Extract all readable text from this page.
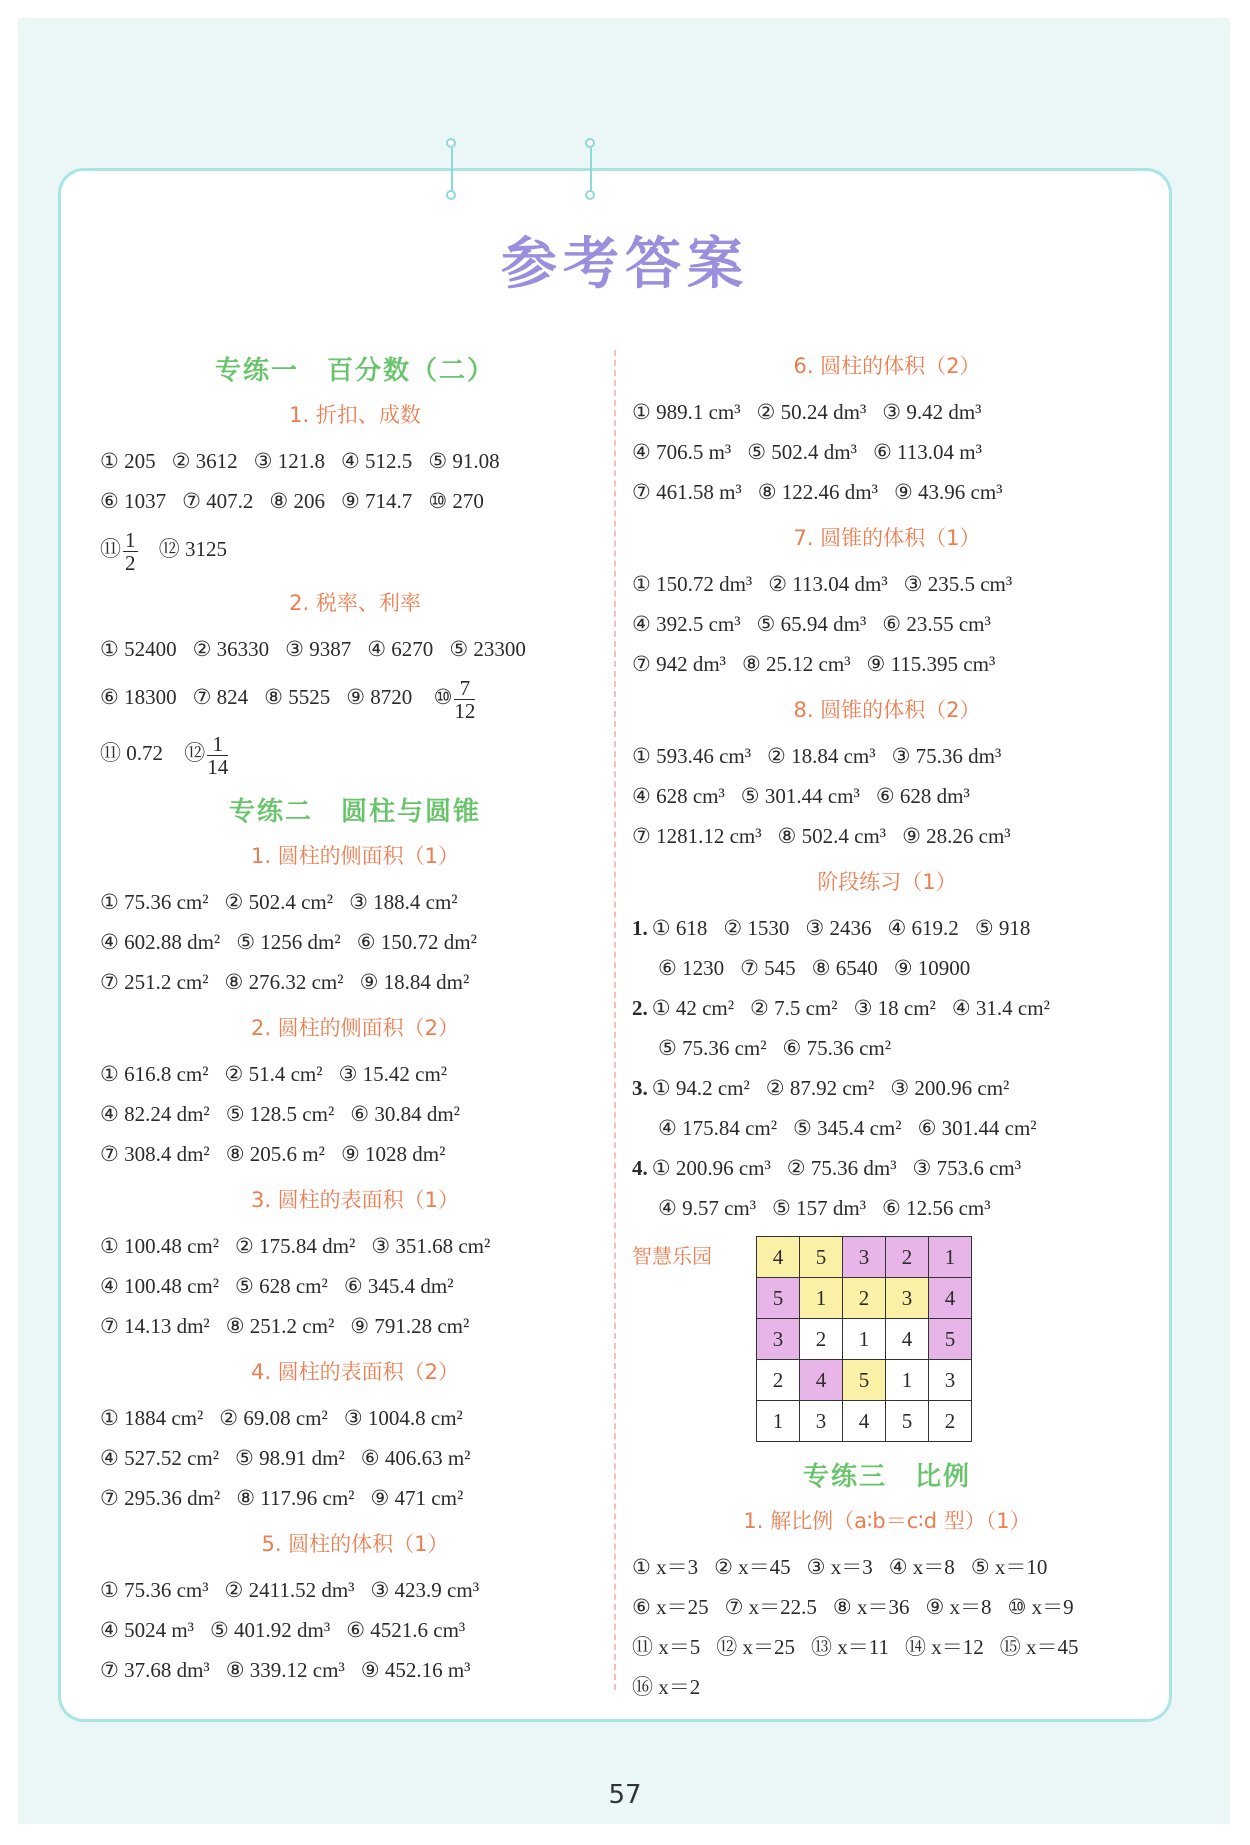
参考答案
专练一　百分数（二）
1. 折扣、成数
① 205 ② 3612 ③ 121.8 ④ 512.5 ⑤ 91.08
⑥ 1037 ⑦ 407.2 ⑧ 206 ⑨ 714.7 ⑩ 270
⑪ $\frac{1}{2}$ ⑫ 3125
2. 税率、利率
① 52400 ② 36330 ③ 9387 ④ 6270 ⑤ 23300
⑥ 18300 ⑦ 824 ⑧ 5525 ⑨ 8720 ⑩ $\frac{7}{12}$
⑪ 0.72 ⑫ $\frac{1}{14}$
专练二　圆柱与圆锥
1. 圆柱的侧面积（1）
① 75.36 cm² ② 502.4 cm² ③ 188.4 cm²
④ 602.88 dm² ⑤ 1256 dm² ⑥ 150.72 dm²
⑦ 251.2 cm² ⑧ 276.32 cm² ⑨ 18.84 dm²
2. 圆柱的侧面积（2）
① 616.8 cm² ② 51.4 cm² ③ 15.42 cm²
④ 82.24 dm² ⑤ 128.5 cm² ⑥ 30.84 dm²
⑦ 308.4 dm² ⑧ 205.6 m² ⑨ 1028 dm²
3. 圆柱的表面积（1）
① 100.48 cm² ② 175.84 dm² ③ 351.68 cm²
④ 100.48 cm² ⑤ 628 cm² ⑥ 345.4 dm²
⑦ 14.13 dm² ⑧ 251.2 cm² ⑨ 791.28 cm²
4. 圆柱的表面积（2）
① 1884 cm² ② 69.08 cm² ③ 1004.8 cm²
④ 527.52 cm² ⑤ 98.91 dm² ⑥ 406.63 m²
⑦ 295.36 dm² ⑧ 117.96 cm² ⑨ 471 cm²
5. 圆柱的体积（1）
① 75.36 cm³ ② 2411.52 dm³ ③ 423.9 cm³
④ 5024 m³ ⑤ 401.92 dm³ ⑥ 4521.6 cm³
⑦ 37.68 dm³ ⑧ 339.12 cm³ ⑨ 452.16 m³
6. 圆柱的体积（2）
① 989.1 cm³ ② 50.24 dm³ ③ 9.42 dm³
④ 706.5 m³ ⑤ 502.4 dm³ ⑥ 113.04 m³
⑦ 461.58 m³ ⑧ 122.46 dm³ ⑨ 43.96 cm³
7. 圆锥的体积（1）
① 150.72 dm³ ② 113.04 dm³ ③ 235.5 cm³
④ 392.5 cm³ ⑤ 65.94 dm³ ⑥ 23.55 cm³
⑦ 942 dm³ ⑧ 25.12 cm³ ⑨ 115.395 cm³
8. 圆锥的体积（2）
① 593.46 cm³ ② 18.84 cm³ ③ 75.36 dm³
④ 628 cm³ ⑤ 301.44 cm³ ⑥ 628 dm³
⑦ 1281.12 cm³ ⑧ 502.4 cm³ ⑨ 28.26 cm³
阶段练习（1）
1. ① 618 ② 1530 ③ 2436 ④ 619.2 ⑤ 918
⑥ 1230 ⑦ 545 ⑧ 6540 ⑨ 10900
2. ① 42 cm² ② 7.5 cm² ③ 18 cm² ④ 31.4 cm²
⑤ 75.36 cm² ⑥ 75.36 cm²
3. ① 94.2 cm² ② 87.92 cm² ③ 200.96 cm²
④ 175.84 cm² ⑤ 345.4 cm² ⑥ 301.44 cm²
4. ① 200.96 cm³ ② 75.36 dm³ ③ 753.6 cm³
④ 9.57 cm³ ⑤ 157 dm³ ⑥ 12.56 cm³
智慧乐园	4	5	3	2	1
5	1	2	3	4
3	2	1	4	5
2	4	5	1	3
1	3	4	5	2
专练三　比例
1. 解比例（a∶b＝c∶d 型）（1）
① x＝3 ② x＝45 ③ x＝3 ④ x＝8 ⑤ x＝10
⑥ x＝25 ⑦ x＝22.5 ⑧ x＝36 ⑨ x＝8 ⑩ x＝9
⑪ x＝5 ⑫ x＝25 ⑬ x＝11 ⑭ x＝12 ⑮ x＝45
⑯ x＝2
57
